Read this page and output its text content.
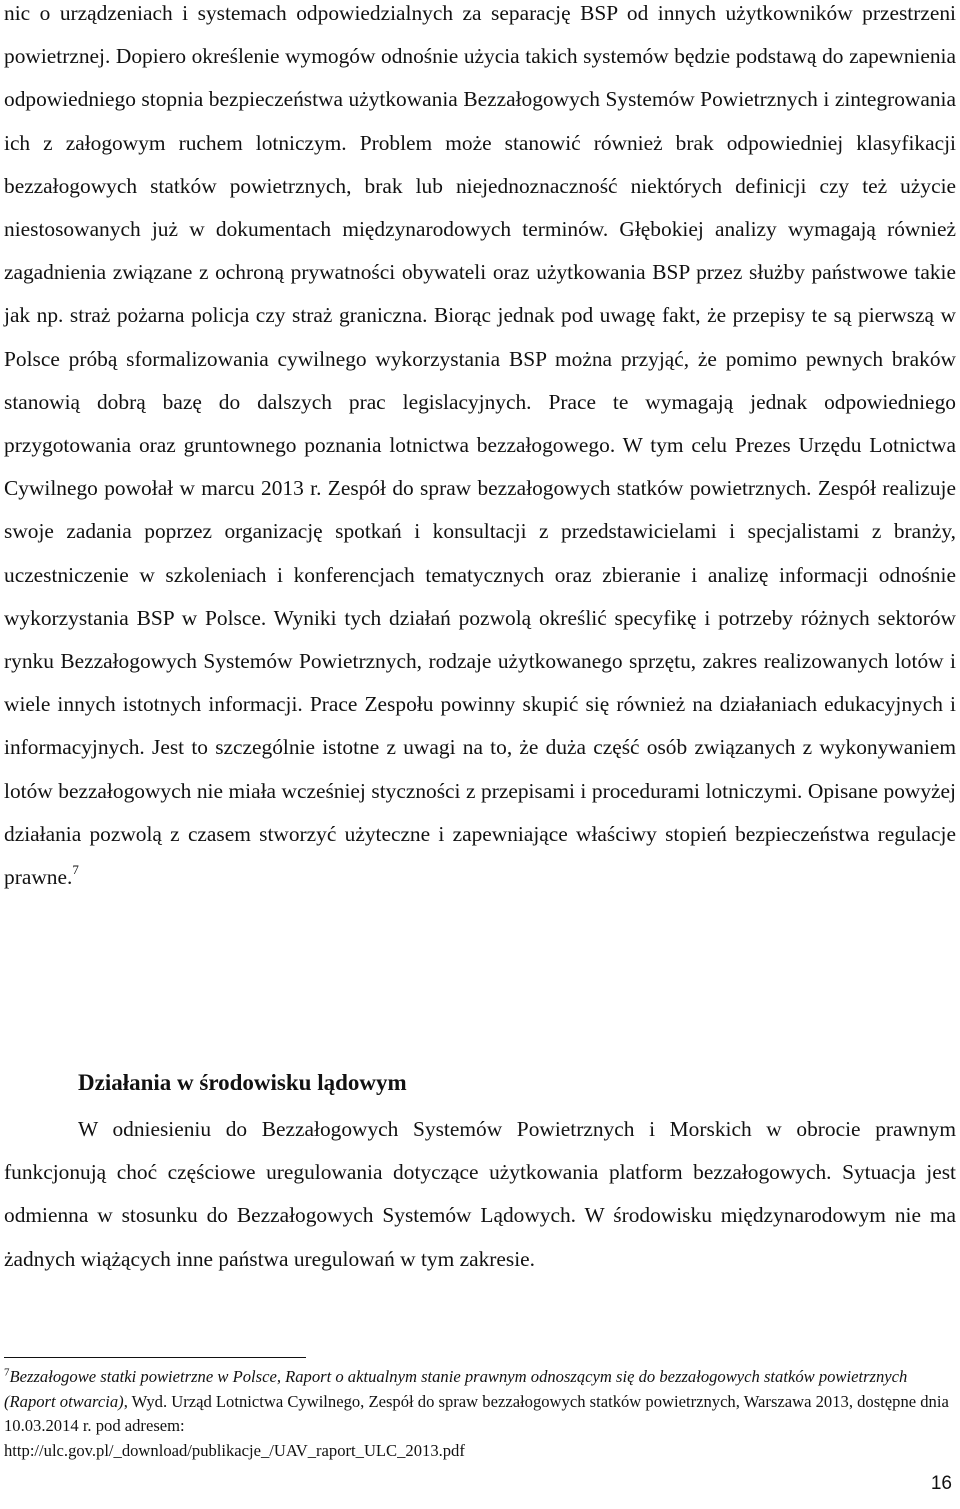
nic o urządzeniach i systemach odpowiedzialnych za separację BSP od innych użytkowników przestrzeni powietrznej. Dopiero określenie wymogów odnośnie użycia takich systemów będzie podstawą do zapewnienia odpowiedniego stopnia bezpieczeństwa użytkowania Bezzałogowych Systemów Powietrznych i zintegrowania ich z załogowym ruchem lotniczym. Problem może stanowić również brak odpowiedniej klasyfikacji bezzałogowych statków powietrznych, brak lub niejednoznaczność niektórych definicji czy też użycie niestosowanych już w dokumentach międzynarodowych terminów. Głębokiej analizy wymagają również zagadnienia związane z ochroną prywatności obywateli oraz użytkowania BSP przez służby państwowe takie jak np. straż pożarna policja czy straż graniczna. Biorąc jednak pod uwagę fakt, że przepisy te są pierwszą w Polsce próbą sformalizowania cywilnego wykorzystania BSP można przyjąć, że pomimo pewnych braków stanowią dobrą bazę do dalszych prac legislacyjnych. Prace te wymagają jednak odpowiedniego przygotowania oraz gruntownego poznania lotnictwa bezzałogowego. W tym celu Prezes Urzędu Lotnictwa Cywilnego powołał w marcu 2013 r. Zespół do spraw bezzałogowych statków powietrznych. Zespół realizuje swoje zadania poprzez organizację spotkań i konsultacji z przedstawicielami i specjalistami z branży, uczestniczenie w szkoleniach i konferencjach tematycznych oraz zbieranie i analizę informacji odnośnie wykorzystania BSP w Polsce. Wyniki tych działań pozwolą określić specyfikę i potrzeby różnych sektorów rynku Bezzałogowych Systemów Powietrznych, rodzaje użytkowanego sprzętu, zakres realizowanych lotów i wiele innych istotnych informacji. Prace Zespołu powinny skupić się również na działaniach edukacyjnych i informacyjnych. Jest to szczególnie istotne z uwagi na to, że duża część osób związanych z wykonywaniem lotów bezzałogowych nie miała wcześniej styczności z przepisami i procedurami lotniczymi. Opisane powyżej działania pozwolą z czasem stworzyć użyteczne i zapewniające właściwy stopień bezpieczeństwa regulacje prawne.$^7$

Działania w środowisku lądowym

W odniesieniu do Bezzałogowych Systemów Powietrznych i Morskich w obrocie prawnym funkcjonują choć częściowe uregulowania dotyczące użytkowania platform bezzałogowych. Sytuacja jest odmienna w stosunku do Bezzałogowych Systemów Lądowych. W środowisku międzynarodowym nie ma żadnych wiążących inne państwa uregulowań w tym zakresie.

$^7$Bezzałogowe statki powietrzne w Polsce, Raport o aktualnym stanie prawnym odnoszącym się do bezzałogowych statków powietrznych (Raport otwarcia), Wyd. Urząd Lotnictwa Cywilnego, Zespół do spraw bezzałogowych statków powietrznych, Warszawa 2013, dostępne dnia 10.03.2014 r. pod adresem:
http://ulc.gov.pl/_download/publikacje_/UAV_raport_ULC_2013.pdf

16
